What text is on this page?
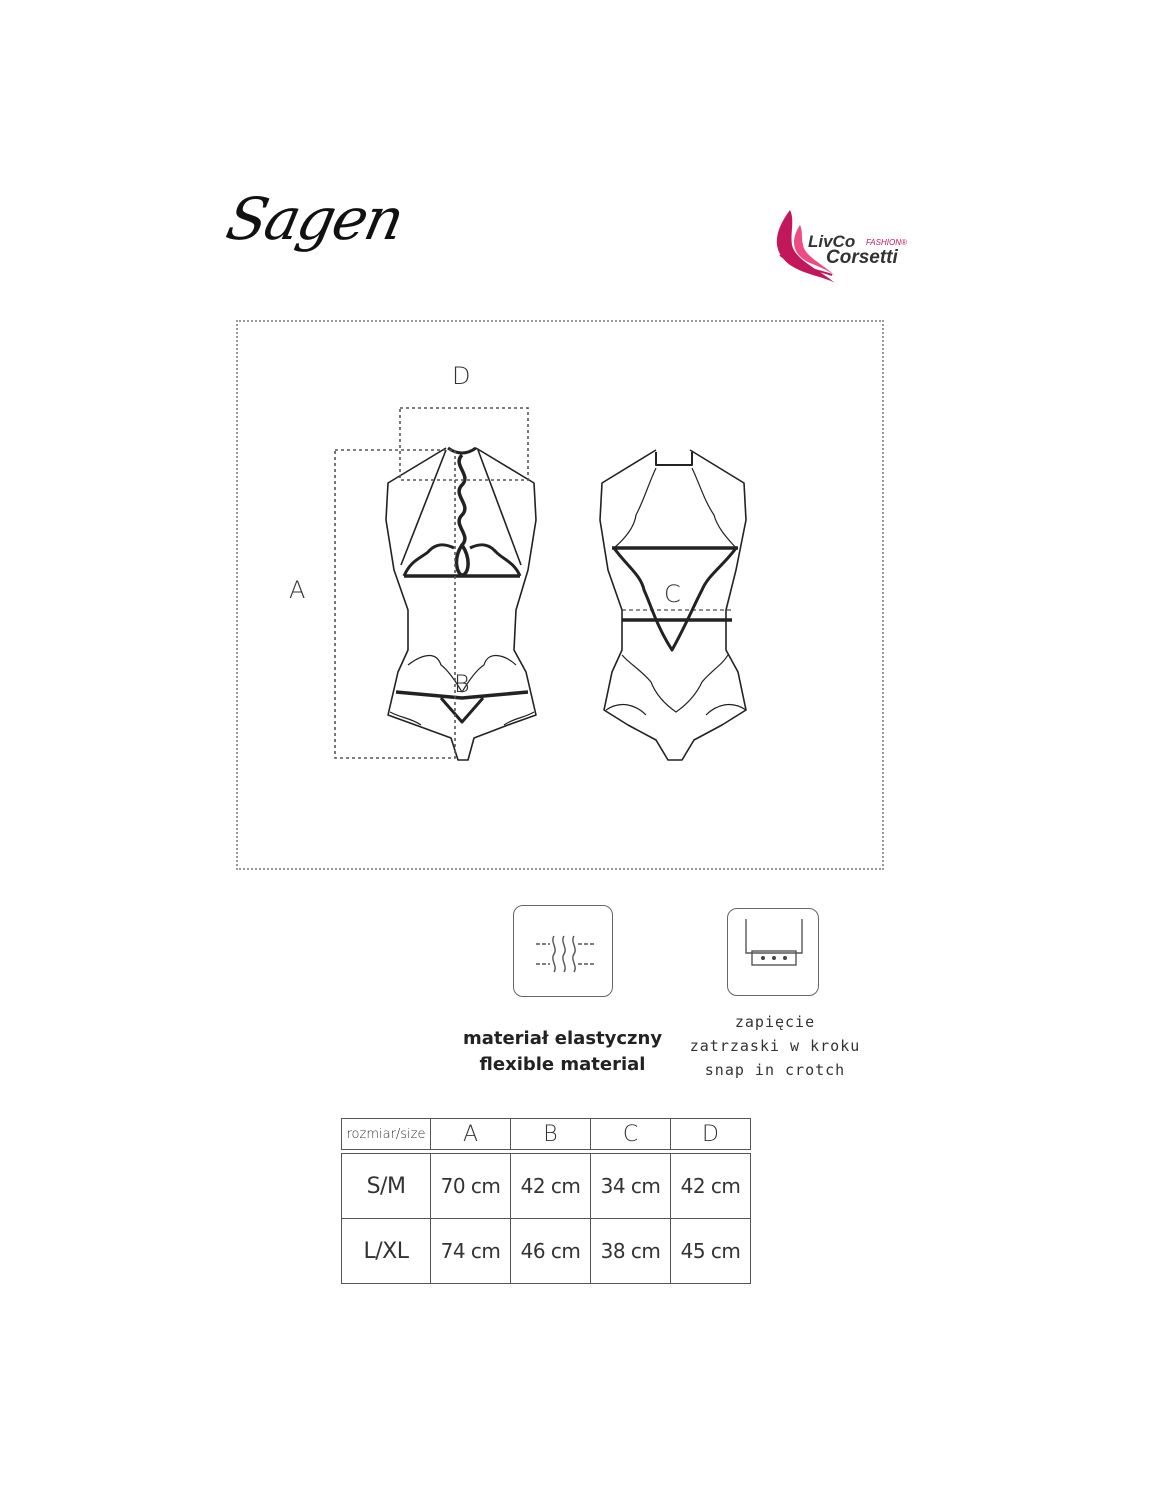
Sagen	LivCo FASHION®
Corsetti
A
B
C
D
materiał elastyczny
flexible material
zapięcie
zatrzaski w kroku
snap in crotch
rozmiar/size	A	B	C	D

S/M	70 cm	42 cm	34 cm	42 cm
L/XL	74 cm	46 cm	38 cm	45 cm
